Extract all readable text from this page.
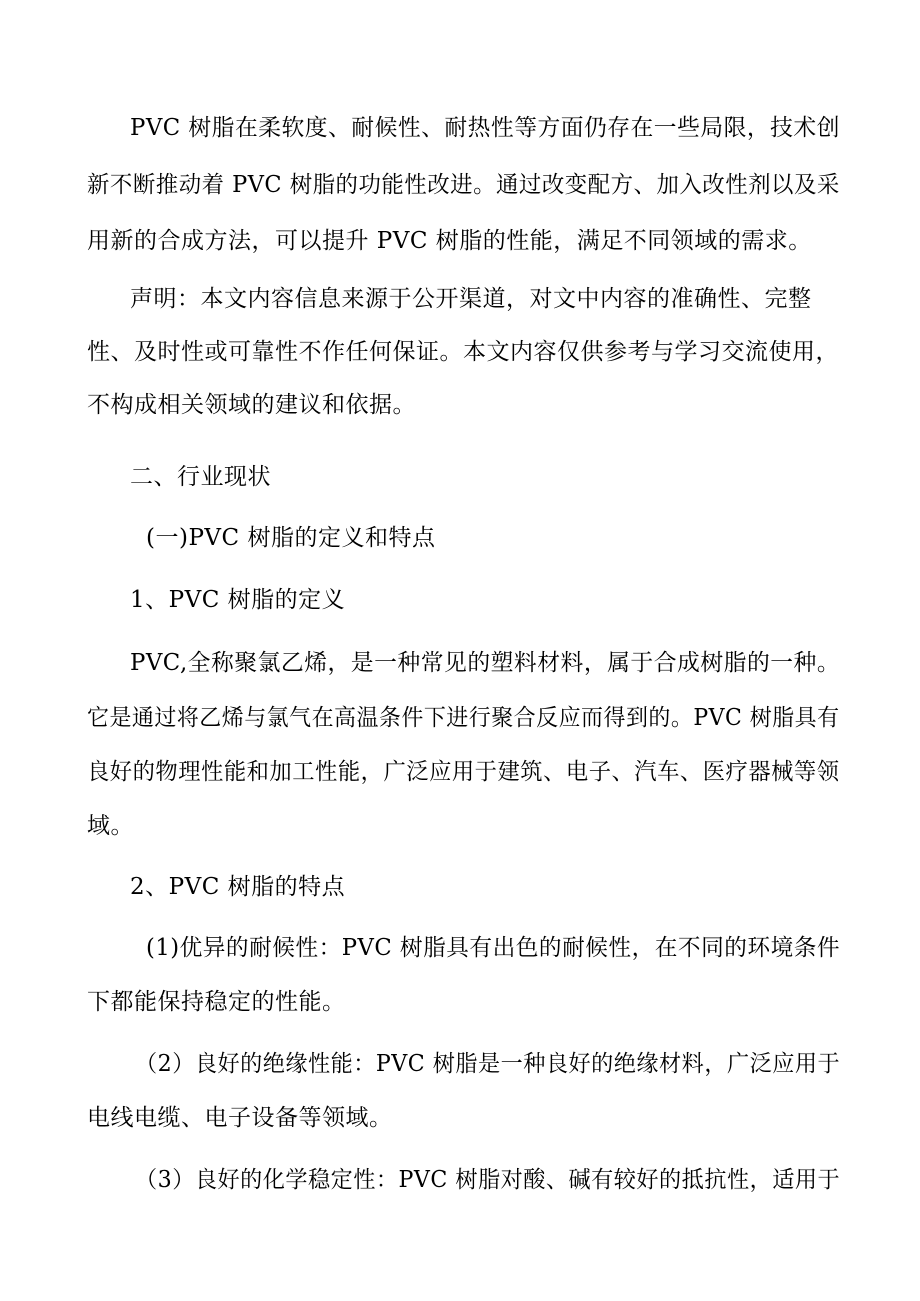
PVC 树脂在柔软度、耐候性、耐热性等方面仍存在一些局限，技术创
新不断推动着 PVC 树脂的功能性改进。通过改变配方、加入改性剂以及采
用新的合成方法，可以提升 PVC 树脂的性能，满足不同领域的需求。
声明：本文内容信息来源于公开渠道，对文中内容的准确性、完整
性、及时性或可靠性不作任何保证。本文内容仅供参考与学习交流使用，
不构成相关领域的建议和依据。
二、行业现状
(一)PVC 树脂的定义和特点
1、PVC 树脂的定义
PVC,全称聚氯乙烯，是一种常见的塑料材料，属于合成树脂的一种。
它是通过将乙烯与氯气在高温条件下进行聚合反应而得到的。PVC 树脂具有
良好的物理性能和加工性能，广泛应用于建筑、电子、汽车、医疗器械等领
域。
2、PVC 树脂的特点
(1)优异的耐候性：PVC 树脂具有出色的耐候性，在不同的环境条件
下都能保持稳定的性能。
（2）良好的绝缘性能：PVC 树脂是一种良好的绝缘材料，广泛应用于
电线电缆、电子设备等领域。
（3）良好的化学稳定性：PVC 树脂对酸、碱有较好的抵抗性，适用于
